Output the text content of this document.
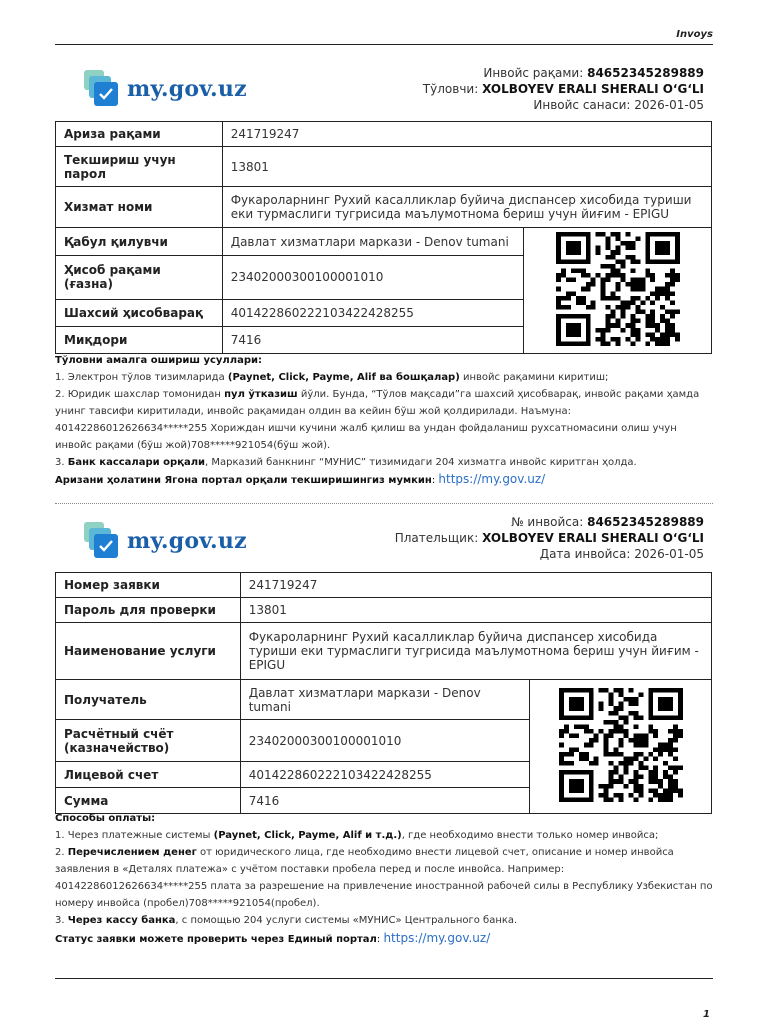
Invoys
my.gov.uz
Инвойс рақами: 84652345289889
Тўловчи: XOLBOYEV ERALI SHERALI O‘G‘LI
Инвойс санаси: 2026-01-05
Ариза рақами	241719247	
Текшириш учун парол	13801	
Хизмат номи	Фукароларнинг Рухий касалликлар буйича диспансер хисобида туриши еки турмаслиги тугрисида маълумотнома бериш учун йиғим - EPIGU	
Қабул қилувчи	Давлат хизматлари маркази - Denov tumani	
Ҳисоб рақами (ғазна)	23402000300100001010	
Шахсий ҳисобварақ	401422860222103422428255	
Миқдори	7416	
Тўловни амалга ошириш усуллари:
1. Электрон тўлов тизимларида (Paynet, Click, Payme, Alif ва бошқалар) инвойс рақамини киритиш;
2. Юридик шахслар томонидан пул ўтказиш йўли. Бунда, “Тўлов мақсади”га шахсий ҳисобварақ, инвойс рақами ҳамда унинг тавсифи киритилади, инвойс рақамидан олдин ва кейин бўш жой қолдирилади. Наъмуна: 40142286012626634*****255 Хориждан ишчи кучини жалб қилиш ва ундан фойдаланиш рухсатномасини олиш учун инвойс рақами (бўш жой)708*****921054(бўш жой).
3. Банк кассалари орқали, Марказий банкнинг “МУНИС” тизимидаги 204 хизматга инвойс киритган ҳолда.
Аризани ҳолатини Ягона портал орқали текширишингиз мумкин: https://my.gov.uz/
my.gov.uz
№ инвойса: 84652345289889
Плательщик: XOLBOYEV ERALI SHERALI O‘G‘LI
Дата инвойса: 2026-01-05
Номер заявки	241719247	
Пароль для проверки	13801	
Наименование услуги	Фукароларнинг Рухий касалликлар буйича диспансер хисобида туриши еки турмаслиги тугрисида маълумотнома бериш учун йиғим - EPIGU	
Получатель	Давлат хизматлари маркази - Denov tumani	
Расчётный счёт (казначейство)	23402000300100001010	
Лицевой счет	401422860222103422428255	
Сумма	7416	
Способы оплаты:
1. Через платежные системы (Paynet, Click, Payme, Alif и т.д.), где необходимо внести только номер инвойса;
2. Перечислением денег от юридического лица, где необходимо внести лицевой счет, описание и номер инвойса заявления в «Деталях платежа» с учётом поставки пробела перед и после инвойса. Например: 40142286012626634*****255 плата за разрешение на привлечение иностранной рабочей силы в Республику Узбекистан по номеру инвойса (пробел)708*****921054(пробел).
3. Через кассу банка, с помощью 204 услуги системы «МУНИС» Центрального банка.
Статус заявки можете проверить через Единый портал: https://my.gov.uz/
1
